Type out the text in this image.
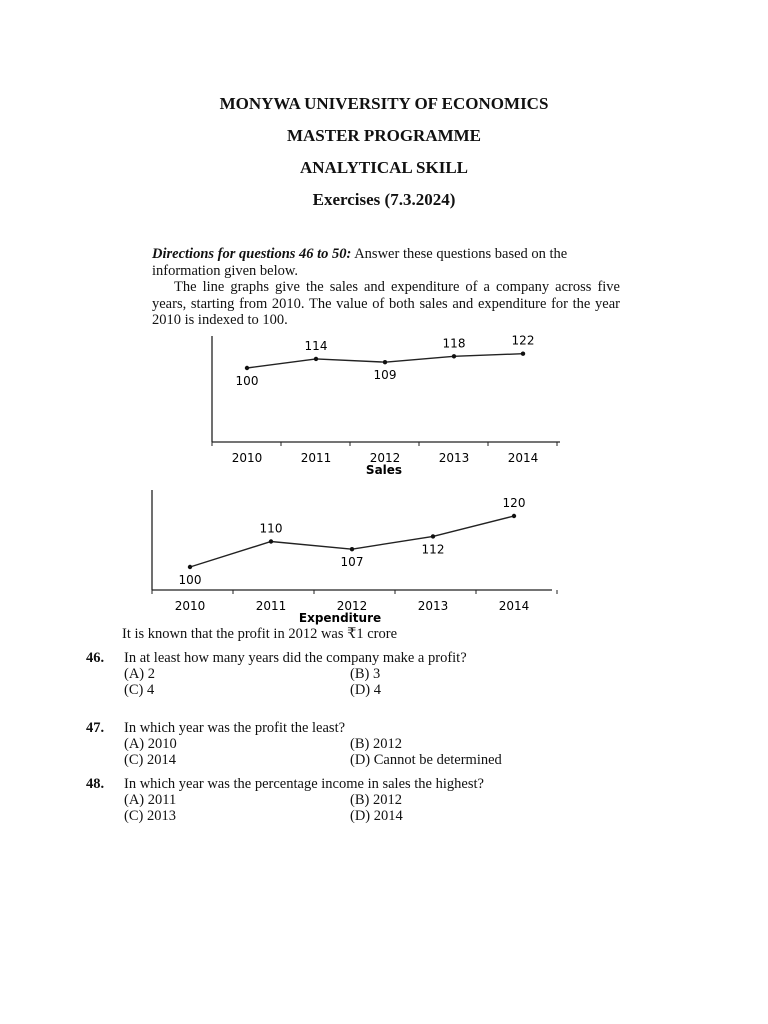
MONYWA UNIVERSITY OF ECONOMICS
MASTER PROGRAMME
ANALYTICAL SKILL
Exercises (7.3.2024)

Directions for questions 46 to 50: Answer these questions based on the information given below.

The line graphs give the sales and expenditure of a company across five years, starting from 2010. The value of both sales and expenditure for the year 2010 is indexed to 100.

2010	2011	2012	2013	2014
100
114
109
118	122
Sales
2010	2011	2012	2013	2014
100
110
107
112
120
Expenditure
It is known that the profit in 2012 was ₹1 crore
46.	In at least how many years did the company make a profit?
(A) 2	(B) 3
(C) 4	(D) 4
47.	In which year was the profit the least?
(A) 2010	(B) 2012
(C) 2014	(D) Cannot be determined
48.	In which year was the percentage income in sales the highest?
(A) 2011	(B) 2012
(C) 2013	(D) 2014
